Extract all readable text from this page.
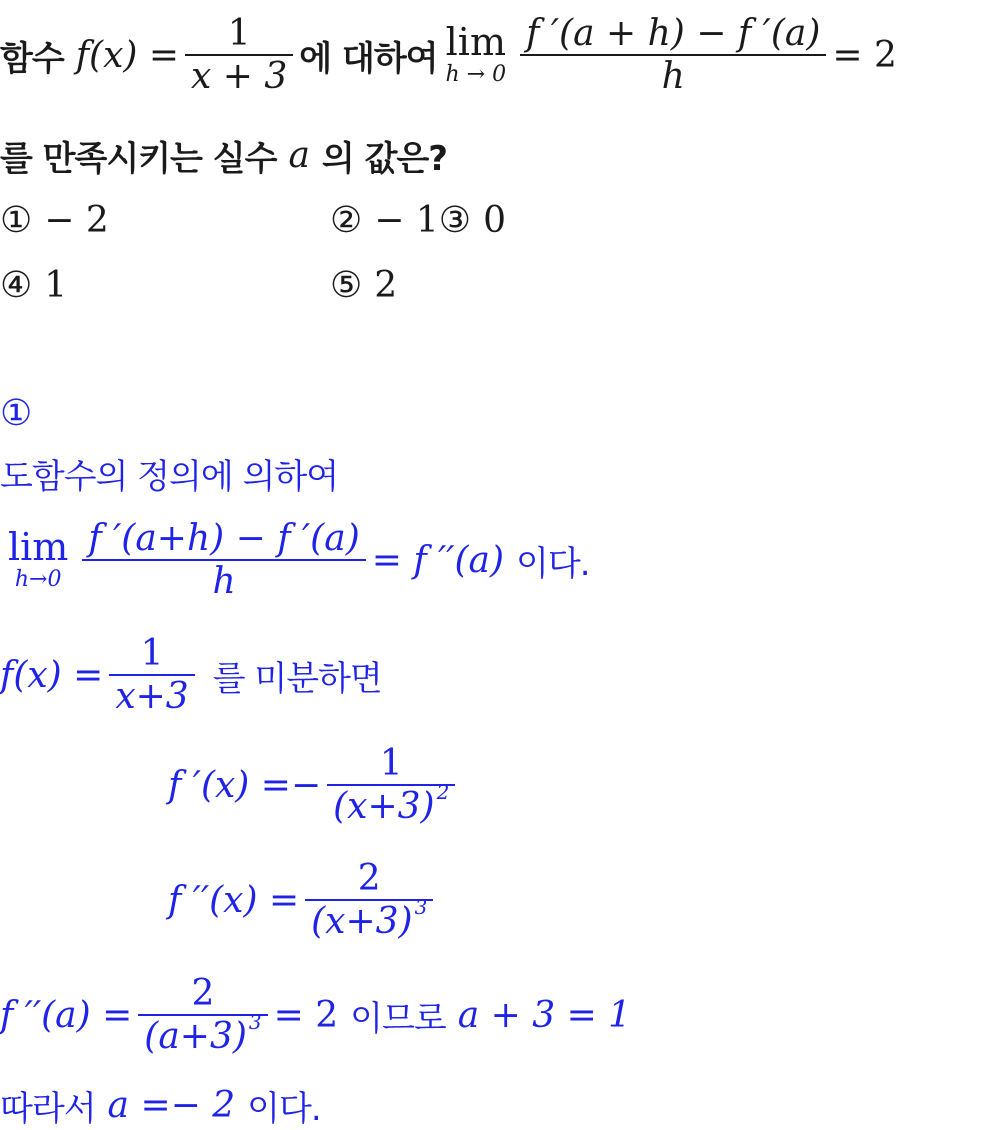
함수 $f(x) = \frac{1}{x + 3}$ 에 대하여 lim
$h \to 0 \frac{f '(a + h) - f '(a)}{h} = 2$
를 만족시키는 실수 a 의 값은?
① − 2	② − 1 ③ 0
④ 1	⑤ 2
①
도함수의 정의에 의하여
lim
$h\to 0 \frac{f '(a+h) - f '(a)}{h} = f$ ′′(a) 이다.
$f(x) = \frac{1}{x+3}$ 를 미분하면
f $'(x) =- \frac{1}{(x+3) 2}$
f $''(x) = \frac{2}{(x+3) 3}$
f $''(a) = \frac{2}{(a+3) 3} = 2$ 이므로 a + 3 = 1
따라서 a =− 2 이다.
